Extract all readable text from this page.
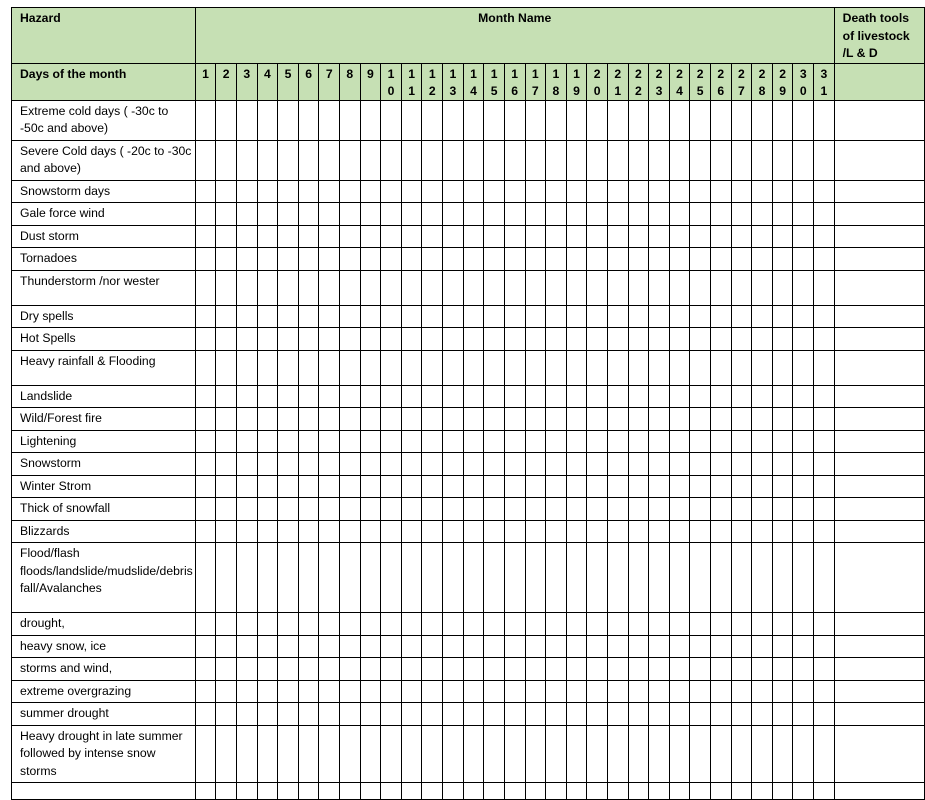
Hazard	Month Name																															Death tools of livestock /L & D
Days of the month	1	2	3	4	5	6	7	8	9	10	11	12	13	14	15	16	17	18	19	20	21	22	23	24	25	26	27	28	29	30	31	

Extreme cold days ( -30c to -50c and above)																																
Severe Cold days ( -20c to -30c and above)																																
Snowstorm days																																
Gale force wind																																
Dust storm																																
Tornadoes																																
Thunderstorm /nor wester																																
Dry spells																																
Hot Spells																																
Heavy rainfall & Flooding																																
Landslide																																
Wild/Forest fire																																
Lightening																																
Snowstorm																																
Winter Strom																																
Thick of snowfall																																
Blizzards																																
Flood/flash floods/landslide/mudslide/debris fall/Avalanches																																
drought,																																
heavy snow, ice																																
storms and wind,																																
extreme overgrazing																																
summer drought																																
Heavy drought in late summer followed by intense snow storms																																
